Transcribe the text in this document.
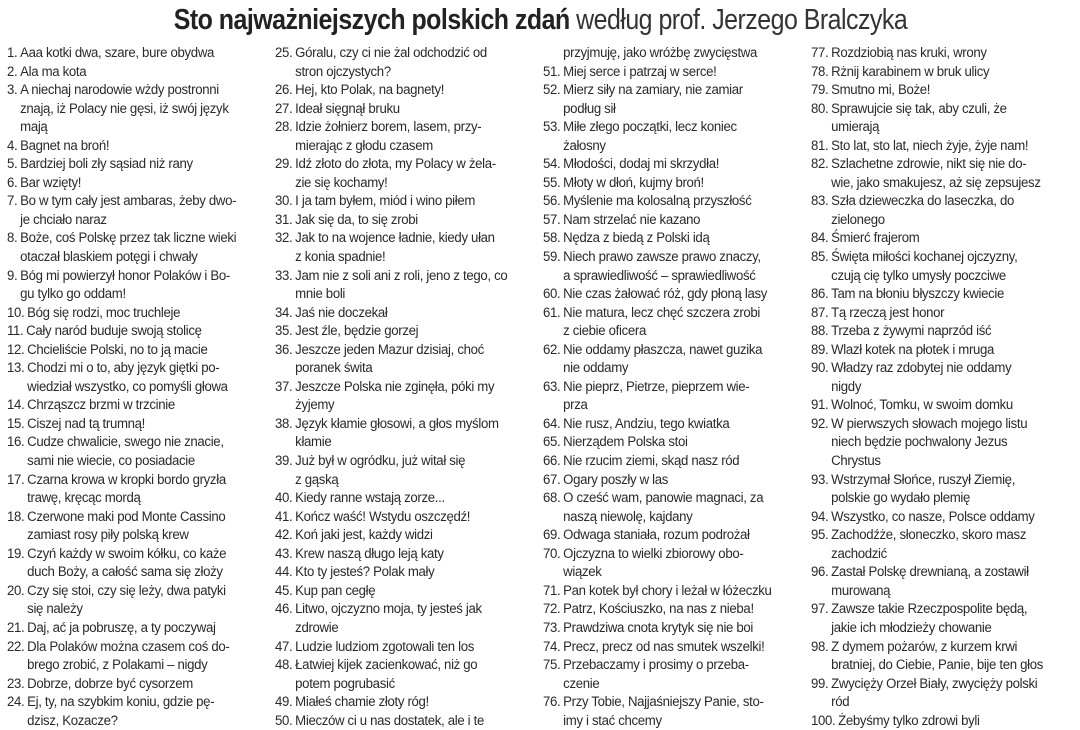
Sto najważniejszych polskich zdań według prof. Jerzego Bralczyka
1. Aaa kotki dwa, szare, bure obydwa
2. Ala ma kota
3. A niechaj narodowie wżdy postronni
znają, iż Polacy nie gęsi, iż swój język
mają
4. Bagnet na broń!
5. Bardziej boli zły sąsiad niż rany
6. Bar wzięty!
7. Bo w tym cały jest ambaras, żeby dwo-
je chciało naraz
8. Boże, coś Polskę przez tak liczne wieki
otaczał blaskiem potęgi i chwały
9. Bóg mi powierzył honor Polaków i Bo-
gu tylko go oddam!
10. Bóg się rodzi, moc truchleje
11. Cały naród buduje swoją stolicę
12. Chcieliście Polski, no to ją macie
13. Chodzi mi o to, aby język giętki po-
wiedział wszystko, co pomyśli głowa
14. Chrząszcz brzmi w trzcinie
15. Ciszej nad tą trumną!
16. Cudze chwalicie, swego nie znacie,
sami nie wiecie, co posiadacie
17. Czarna krowa w kropki bordo gryzła
trawę, kręcąc mordą
18. Czerwone maki pod Monte Cassino
zamiast rosy piły polską krew
19. Czyń każdy w swoim kółku, co każe
duch Boży, a całość sama się złoży
20. Czy się stoi, czy się leży, dwa patyki
się należy
21. Daj, ać ja pobruszę, a ty poczywaj
22. Dla Polaków można czasem coś do-
brego zrobić, z Polakami – nigdy
23. Dobrze, dobrze być cysorzem
24. Ej, ty, na szybkim koniu, gdzie pę-
dzisz, Kozacze?
25. Góralu, czy ci nie żal odchodzić od
stron ojczystych?
26. Hej, kto Polak, na bagnety!
27. Ideał sięgnął bruku
28. Idzie żołnierz borem, lasem, przy-
mierając z głodu czasem
29. Idź złoto do złota, my Polacy w żela-
zie się kochamy!
30. I ja tam byłem, miód i wino piłem
31. Jak się da, to się zrobi
32. Jak to na wojence ładnie, kiedy ułan
z konia spadnie!
33. Jam nie z soli ani z roli, jeno z tego, co
mnie boli
34. Jaś nie doczekał
35. Jest źle, będzie gorzej
36. Jeszcze jeden Mazur dzisiaj, choć
poranek świta
37. Jeszcze Polska nie zginęła, póki my
żyjemy
38. Język kłamie głosowi, a głos myślom
kłamie
39. Już był w ogródku, już witał się
z gąską
40. Kiedy ranne wstają zorze...
41. Kończ waść! Wstydu oszczędź!
42. Koń jaki jest, każdy widzi
43. Krew naszą długo leją katy
44. Kto ty jesteś? Polak mały
45. Kup pan cegłę
46. Litwo, ojczyzno moja, ty jesteś jak
zdrowie
47. Ludzie ludziom zgotowali ten los
48. Łatwiej kijek zacienkować, niż go
potem pogrubasić
49. Miałeś chamie złoty róg!
50. Mieczów ci u nas dostatek, ale i te
przyjmuję, jako wróżbę zwycięstwa
51. Miej serce i patrzaj w serce!
52. Mierz siły na zamiary, nie zamiar
podług sił
53. Miłe złego początki, lecz koniec
żałosny
54. Młodości, dodaj mi skrzydła!
55. Młoty w dłoń, kujmy broń!
56. Myślenie ma kolosalną przyszłość
57. Nam strzelać nie kazano
58. Nędza z biedą z Polski idą
59. Niech prawo zawsze prawo znaczy,
a sprawiedliwość – sprawiedliwość
60. Nie czas żałować róż, gdy płoną lasy
61. Nie matura, lecz chęć szczera zrobi
z ciebie oficera
62. Nie oddamy płaszcza, nawet guzika
nie oddamy
63. Nie pieprz, Pietrze, pieprzem wie-
prza
64. Nie rusz, Andziu, tego kwiatka
65. Nierządem Polska stoi
66. Nie rzucim ziemi, skąd nasz ród
67. Ogary poszły w las
68. O cześć wam, panowie magnaci, za
naszą niewolę, kajdany
69. Odwaga staniała, rozum podrożał
70. Ojczyzna to wielki zbiorowy obo-
wiązek
71. Pan kotek był chory i leżał w łóżeczku
72. Patrz, Kościuszko, na nas z nieba!
73. Prawdziwa cnota krytyk się nie boi
74. Precz, precz od nas smutek wszelki!
75. Przebaczamy i prosimy o przeba-
czenie
76. Przy Tobie, Najjaśniejszy Panie, sto-
imy i stać chcemy
77. Rozdziobią nas kruki, wrony
78. Rżnij karabinem w bruk ulicy
79. Smutno mi, Boże!
80. Sprawujcie się tak, aby czuli, że
umierają
81. Sto lat, sto lat, niech żyje, żyje nam!
82. Szlachetne zdrowie, nikt się nie do-
wie, jako smakujesz, aż się zepsujesz
83. Szła dzieweczka do laseczka, do
zielonego
84. Śmierć frajerom
85. Święta miłości kochanej ojczyzny,
czują cię tylko umysły poczciwe
86. Tam na błoniu błyszczy kwiecie
87. Tą rzeczą jest honor
88. Trzeba z żywymi naprzód iść
89. Wlazł kotek na płotek i mruga
90. Władzy raz zdobytej nie oddamy
nigdy
91. Wolnoć, Tomku, w swoim domku
92. W pierwszych słowach mojego listu
niech będzie pochwalony Jezus
Chrystus
93. Wstrzymał Słońce, ruszył Ziemię,
polskie go wydało plemię
94. Wszystko, co nasze, Polsce oddamy
95. Zachodźże, słoneczko, skoro masz
zachodzić
96. Zastał Polskę drewnianą, a zostawił
murowaną
97. Zawsze takie Rzeczpospolite będą,
jakie ich młodzieży chowanie
98. Z dymem pożarów, z kurzem krwi
bratniej, do Ciebie, Panie, bije ten głos
99. Zwycięży Orzeł Biały, zwycięży polski
ród
100. Żebyśmy tylko zdrowi byli
